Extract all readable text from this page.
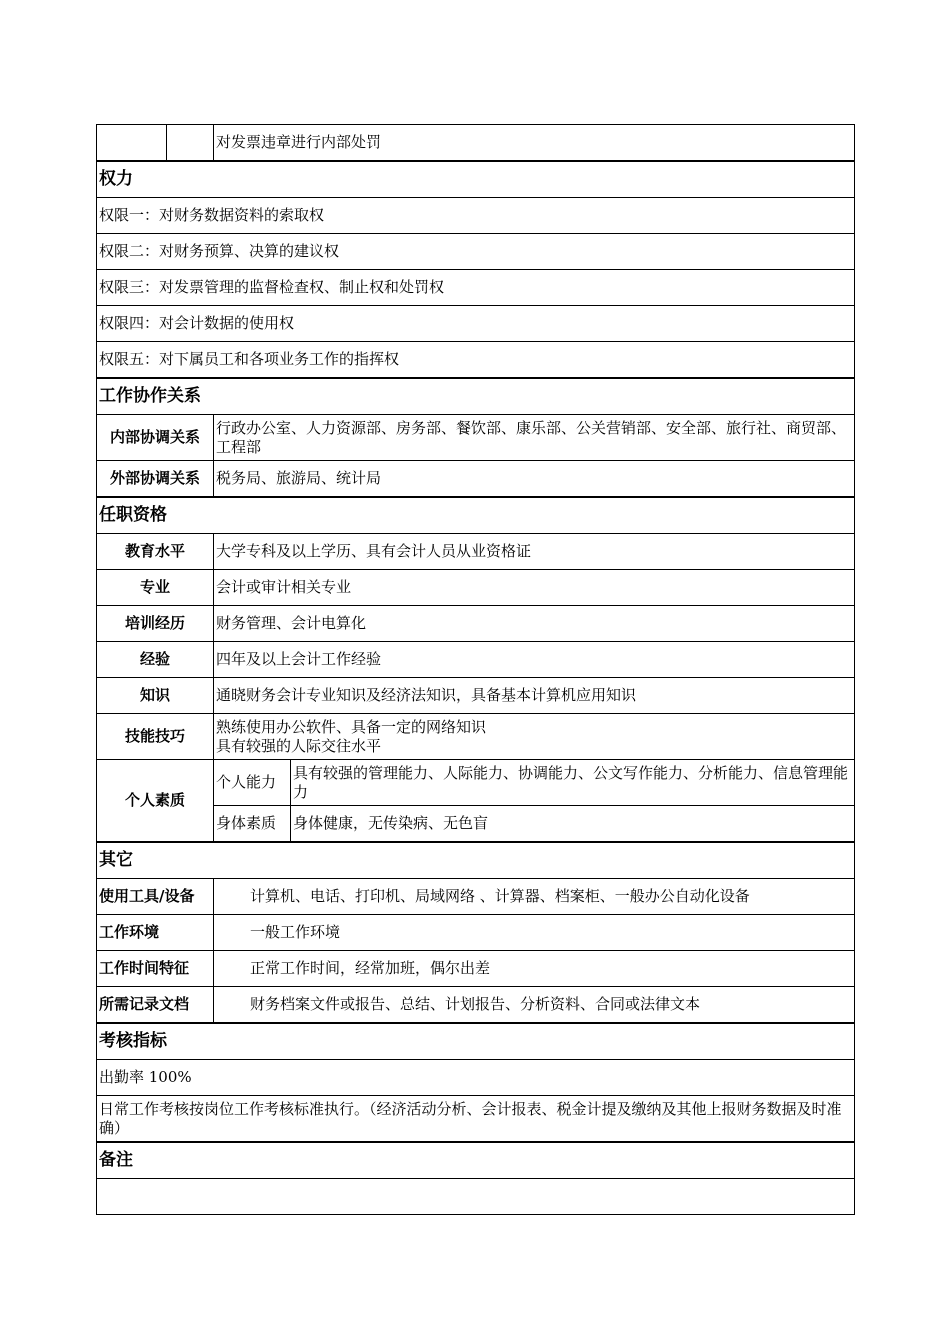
		对发票违章进行内部处罚	
权力			
权限一：对财务数据资料的索取权			
权限二：对财务预算、决算的建议权			
权限三：对发票管理的监督检查权、制止权和处罚权			
权限四：对会计数据的使用权			
权限五：对下属员工和各项业务工作的指挥权			
工作协作关系			
内部协调关系		行政办公室、人力资源部、房务部、餐饮部、康乐部、公关营销部、安全部、旅行社、商贸部、工程部	
外部协调关系		税务局、旅游局、统计局	
任职资格			
教育水平		大学专科及以上学历、具有会计人员从业资格证	
专业		会计或审计相关专业	
培训经历		财务管理、会计电算化	
经验		四年及以上会计工作经验	
知识		通晓财务会计专业知识及经济法知识，具备基本计算机应用知识	
技能技巧		熟练使用办公软件、具备一定的网络知识
具有较强的人际交往水平	

个人素质		个人能力	具有较强的管理能力、人际能力、协调能力、公文写作能力、分析能力、信息管理能力
		身体素质	身体健康，无传染病、无色盲
其它			
使用工具/设备		计算机、电话、打印机、局域网络 、计算器、档案柜、一般办公自动化设备	
工作环境		一般工作环境	
工作时间特征		正常工作时间，经常加班，偶尔出差	
所需记录文档		财务档案文件或报告、总结、计划报告、分析资料、合同或法律文本	
考核指标			
出勤率 100%			
日常工作考核按岗位工作考核标准执行。（经济活动分析、会计报表、税金计提及缴纳及其他上报财务数据及时准确）			
备注			
